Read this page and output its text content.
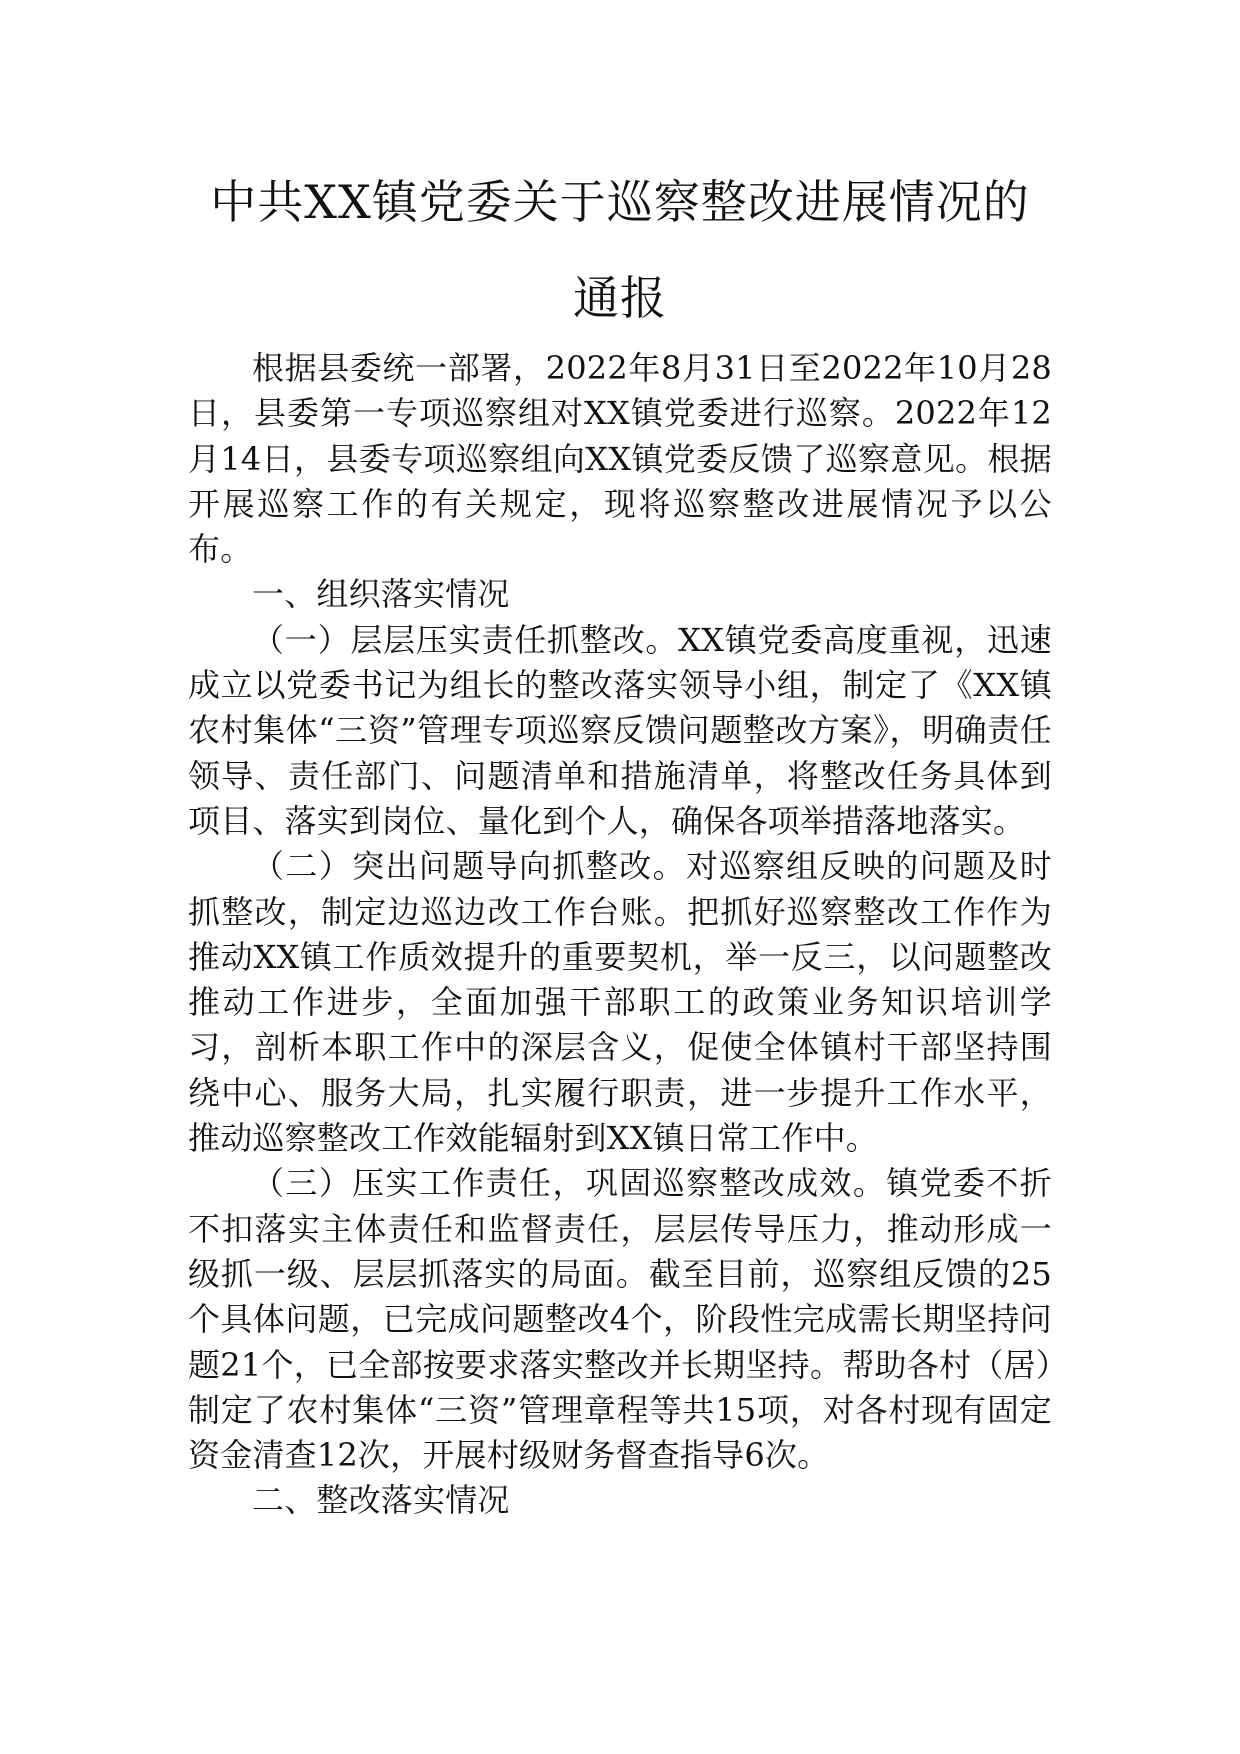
中共XX镇党委关于巡察整改进展情况的通报

根据县委统一部署，2022年8月31日至2022年10月28日，县委第一专项巡察组对XX镇党委进行巡察。2022年12月14日，县委专项巡察组向XX镇党委反馈了巡察意见。根据开展巡察工作的有关规定，现将巡察整改进展情况予以公布。

一、组织落实情况

（一）层层压实责任抓整改。XX镇党委高度重视，迅速成立以党委书记为组长的整改落实领导小组，制定了《XX镇农村集体“三资”管理专项巡察反馈问题整改方案》，明确责任领导、责任部门、问题清单和措施清单，将整改任务具体到项目、落实到岗位、量化到个人，确保各项举措落地落实。

（二）突出问题导向抓整改。对巡察组反映的问题及时抓整改，制定边巡边改工作台账。把抓好巡察整改工作作为推动XX镇工作质效提升的重要契机，举一反三，以问题整改推动工作进步，全面加强干部职工的政策业务知识培训学习，剖析本职工作中的深层含义，促使全体镇村干部坚持围绕中心、服务大局，扎实履行职责，进一步提升工作水平，推动巡察整改工作效能辐射到XX镇日常工作中。

（三）压实工作责任，巩固巡察整改成效。镇党委不折不扣落实主体责任和监督责任，层层传导压力，推动形成一级抓一级、层层抓落实的局面。截至目前，巡察组反馈的25个具体问题，已完成问题整改4个，阶段性完成需长期坚持问题21个，已全部按要求落实整改并长期坚持。帮助各村（居）制定了农村集体“三资”管理章程等共15项，对各村现有固定资金清查12次，开展村级财务督查指导6次。

二、整改落实情况
